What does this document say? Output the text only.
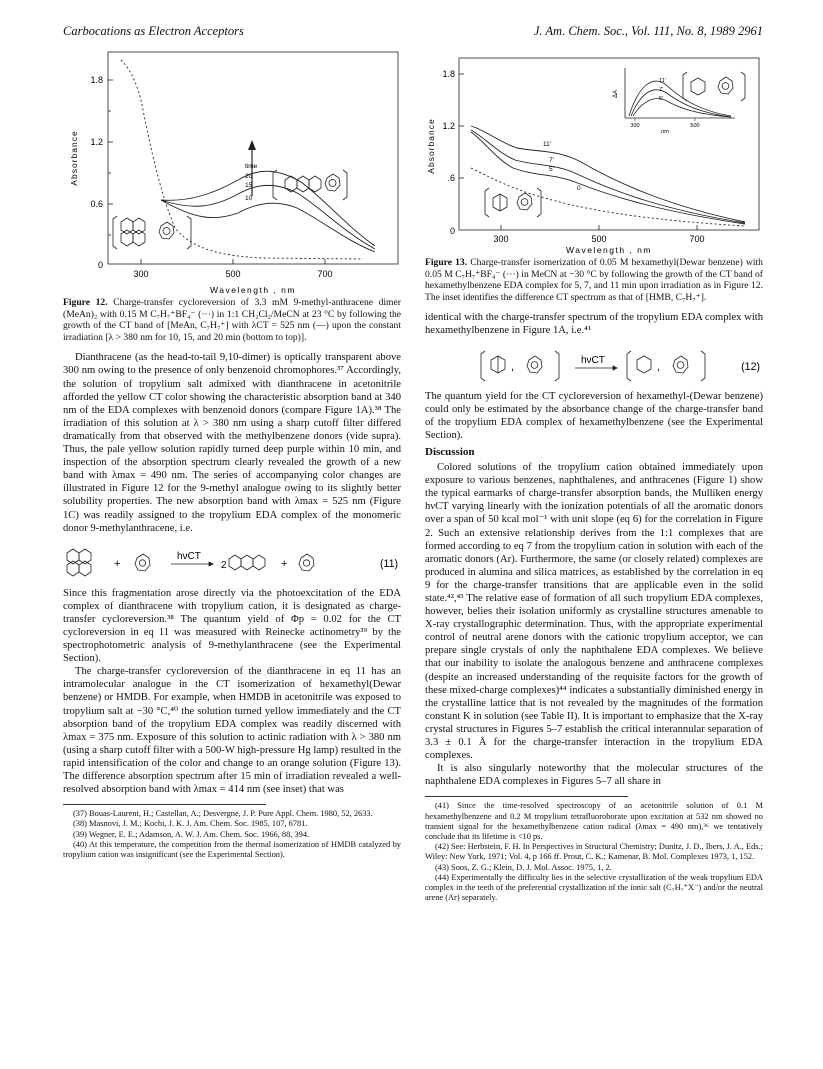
Carbocations as Electron Acceptors	J. Am. Chem. Soc., Vol. 111, No. 8, 1989 2961
0
0.6
1.2
1.8
300	500	700
Absorbance
Wavelength , nm
time
20
15
10
Figure 12. Charge-transfer cycloreversion of 3.3 mM 9-methyl-anthracene dimer (MeAn)₂ with 0.15 M C₇H₇⁺BF₄⁻ (···) in 1:1 CH₂Cl₂/MeCN at 23 °C by following the growth of the CT band of [MeAn, C₇H₇⁺] with λCT = 525 nm (—) upon the constant irradiation [λ > 380 nm for 10, 15, and 20 min (bottom to top)].

Dianthracene (as the head-to-tail 9,10-dimer) is optically transparent above 300 nm owing to the presence of only benzenoid chromophores.³⁷ Accordingly, the solution of tropylium salt admixed with dianthracene in acetonitrile afforded the yellow CT color showing the characteristic absorption band at 340 nm of the EDA complexes with benzenoid donors (compare Figure 1A).³⁸ The irradiation of this solution at λ > 380 nm using a sharp cutoff filter differed dramatically from that observed with the methylbenzene donors (vide supra). Thus, the pale yellow solution rapidly turned deep purple within 10 min, and inspection of the absorption spectrum clearly revealed the growth of a new band with λmax = 490 nm. The series of accompanying color changes are illustrated in Figure 12 for the 9-methyl analogue owing to its slightly better solubility properties. The new absorption band with λmax = 525 nm (Figure 1C) was readily assigned to the tropylium EDA complex of the monomeric donor 9-methylanthracene, i.e.

+
hνCT
2	+	(11)

Since this fragmentation arose directly via the photoexcitation of the EDA complex of dianthracene with tropylium cation, it is designated as charge-transfer cycloreversion.³⁸ The quantum yield of Φp = 0.02 for the CT cycloreversion in eq 11 was measured with Reinecke actinometry³⁹ by the spectrophotometric analysis of 9-methylanthracene (see the Experimental Section).

The charge-transfer cycloreversion of the dianthracene in eq 11 has an intramolecular analogue in the CT isomerization of hexamethyl(Dewar benzene) or HMDB. For example, when HMDB in acetonitrile was exposed to tropylium salt at −30 °C,⁴⁰ the solution turned yellow immediately and the CT absorption band of the tropylium EDA complex was readily discerned with λmax = 375 nm. Exposure of this solution to actinic radiation with λ > 380 nm (using a sharp cutoff filter with a 500-W high-pressure Hg lamp) resulted in the rapid intensification of the color and change to an orange solution (Figure 13). The difference absorption spectrum after 15 min of irradiation revealed a well-resolved absorption band with λmax = 414 nm (see inset) that was

(37) Bouas-Laurent, H.; Castellan, A.; Desvergne, J. P. Pure Appl. Chem. 1980, 52, 2633.
(38) Masnovi, J. M.; Kochi, J. K. J. Am. Chem. Soc. 1985, 107, 6781.
(39) Wegner, E. E.; Adamson, A. W. J. Am. Chem. Soc. 1966, 88, 394.
(40) At this temperature, the competition from the thermal isomerization of HMDB catalyzed by tropylium cation was insignificant (see the Experimental Section).
0
.6
1.2
1.8
300	500	700
Absorbance
Wavelength , nm
11'
7'
5'
0
ΔA
300	500
nm
11'
7'
5'
Figure 13. Charge-transfer isomerization of 0.05 M hexamethyl(Dewar benzene) with 0.05 M C₇H₇⁺BF₄⁻ (···) in MeCN at −30 °C by following the growth of the CT band of hexamethylbenzene EDA complex for 5, 7, and 11 min upon irradiation as in Figure 12. The inset identifies the difference CT spectrum as that of [HMB, C₇H₇⁺].

identical with the charge-transfer spectrum of the tropylium EDA complex with hexamethylbenzene in Figure 1A, i.e.⁴¹

,	,
hνCT
(12)

The quantum yield for the CT cycloreversion of hexamethyl-(Dewar benzene) could only be estimated by the absorbance change of the charge-transfer band of the tropylium EDA complex of hexamethylbenzene (see the Experimental Section).

Discussion

Colored solutions of the tropylium cation obtained immediately upon exposure to various benzenes, naphthalenes, and anthracenes (Figure 1) show the typical earmarks of charge-transfer absorption bands, the Mulliken energy hνCT varying linearly with the ionization potentials of all the aromatic donors over a span of 50 kcal mol⁻¹ with unit slope (eq 6) for the correlation in Figure 2. Such an extensive relationship derives from the 1:1 complexes that are formed according to eq 7 from the tropylium cation in solution with each of the aromatic donors (Ar). Furthermore, the same (or closely related) complexes are produced in alumina and silica matrices, as established by the correlation in eq 9 for the charge-transfer transitions that are applicable even in the solid state.⁴²,⁴³ The relative ease of formation of all such tropylium EDA complexes, however, belies their isolation uniformly as crystalline structures amenable to X-ray crystallographic determination. Thus, with the appropriate experimental control of neutral arene donors with the cationic tropylium acceptor, we can prepare single crystals of only the naphthalene EDA complexes. We believe that our inability to isolate the analogous benzene and anthracene complexes (despite an increased understanding of the requisite factors for the growth of these mixed-charge complexes)⁴⁴ indicates a substantially diminished energy in the crystalline lattice that is not revealed by the magnitudes of the formation constant K in solution (see Table II). It is important to emphasize that the X-ray crystal structures in Figures 5–7 establish the critical interannular separation of 3.3 ± 0.1 Å for the charge-transfer interaction in the tropylium EDA complexes.

It is also singularly noteworthy that the molecular structures of the naphthalene EDA complexes in Figures 5–7 all share in

(41) Since the time-resolved spectroscopy of an acetonitrile solution of 0.1 M hexamethylbenzene and 0.2 M tropylium tetrafluoroborate upon excitation at 532 nm showed no transient signal for the hexamethylbenzene cation radical (λmax = 490 nm),³⁶ we tentatively conclude that its lifetime is <10 ps.
(42) See: Herbstein, F. H. In Perspectives in Structural Chemistry; Dunitz, J. D., Ibers, J. A., Eds.; Wiley: New York, 1971; Vol. 4, p 166 ff. Prout, C. K.; Kamenar, B. Mol. Complexes 1973, 1, 152.
(43) Soos, Z. G.; Klein, D. J. Mol. Assoc. 1975, 1, 2.
(44) Experimentally the difficulty lies in the selective crystallization of the weak tropylium EDA complex in the teeth of the preferential crystallization of the ionic salt (C₇H₇⁺X⁻) and/or the neutral arene (Ar) separately.
